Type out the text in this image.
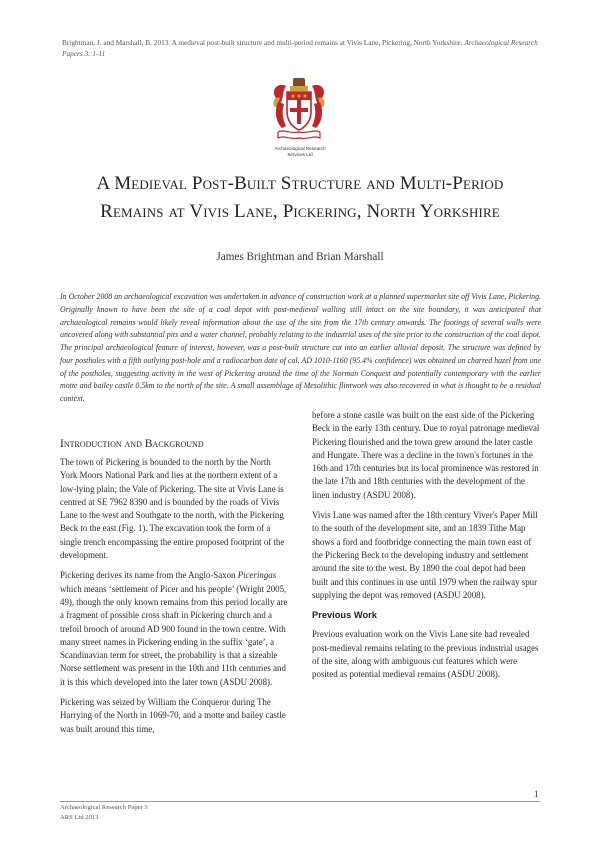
Brightman, J. and Marshall, B. 2013. A medieval post-built structure and multi-period remains at Vivis Lane, Pickering, North Yorkshire. Archaeological Research Papers 3: 1-11
Archaeological Research
Services Ltd
A Medieval Post-Built Structure and Multi-Period
Remains at Vivis Lane, Pickering, North Yorkshire
James Brightman and Brian Marshall

In October 2008 an archaeological excavation was undertaken in advance of construction work at a planned supermarket site off Vivis Lane, Pickering. Originally known to have been the site of a coal depot with post-medieval walling still intact on the site boundary, it was anticipated that archaeological remains would likely reveal information about the use of the site from the 17th century onwards. The footings of several walls were uncovered along with substantial pits and a water channel, probably relating to the industrial uses of the site prior to the construction of the coal depot. The principal archaeological feature of interest, however, was a post-built structure cut into an earlier alluvial deposit. The structure was defined by four postholes with a fifth outlying post-hole and a radiocarbon date of cal. AD 1010-1160 (95.4% confidence) was obtained on charred hazel from one of the postholes, suggesting activity in the west of Pickering around the time of the Norman Conquest and potentially contemporary with the earlier motte and bailey castle 0.5km to the north of the site. A small assemblage of Mesolithic flintwork was also recovered in what is thought to be a residual context.

Introduction and Background

The town of Pickering is bounded to the north by the North York Moors National Park and lies at the northern extent of a low-lying plain; the Vale of Pickering. The site at Vivis Lane is centred at SE 7962 8390 and is bounded by the roads of Vivis Lane to the west and Southgate to the north, with the Pickering Beck to the east (Fig. 1). The excavation took the form of a single trench encompassing the entire proposed footprint of the development.

Pickering derives its name from the Anglo-Saxon Piceringas which means ‘settlement of Picer and his people’ (Wright 2005, 49), though the only known remains from this period locally are a fragment of possible cross shaft in Pickering church and a trefoil brooch of around AD 900 found in the town centre. With many street names in Pickering ending in the suffix ‘gate’, a Scandinavian term for street, the probability is that a sizeable Norse settlement was present in the 10th and 11th centuries and it is this which developed into the later town (ASDU 2008).

Pickering was seized by William the Conqueror during The Harrying of the North in 1069-70, and a motte and bailey castle was built around this time,

before a stone castle was built on the east side of the Pickering Beck in the early 13th century. Due to royal patronage medieval Pickering flourished and the town grew around the later castle and Hungate. There was a decline in the town's fortunes in the 16th and 17th centuries but its local prominence was restored in the late 17th and 18th centuries with the development of the linen industry (ASDU 2008).

Vivis Lane was named after the 18th century Viver's Paper Mill to the south of the development site, and an 1839 Tithe Map shows a ford and footbridge connecting the main town east of the Pickering Beck to the developing industry and settlement around the site to the west. By 1890 the coal depot had been built and this continues in use until 1979 when the railway spur supplying the depot was removed (ASDU 2008).

Previous Work

Previous evaluation work on the Vivis Lane site had revealed post-medieval remains relating to the previous industrial usages of the site, along with ambiguous cut features which were posited as potential medieval remains (ASDU 2008).

1
Archaeological Research Paper 3
ARS Ltd 2013
